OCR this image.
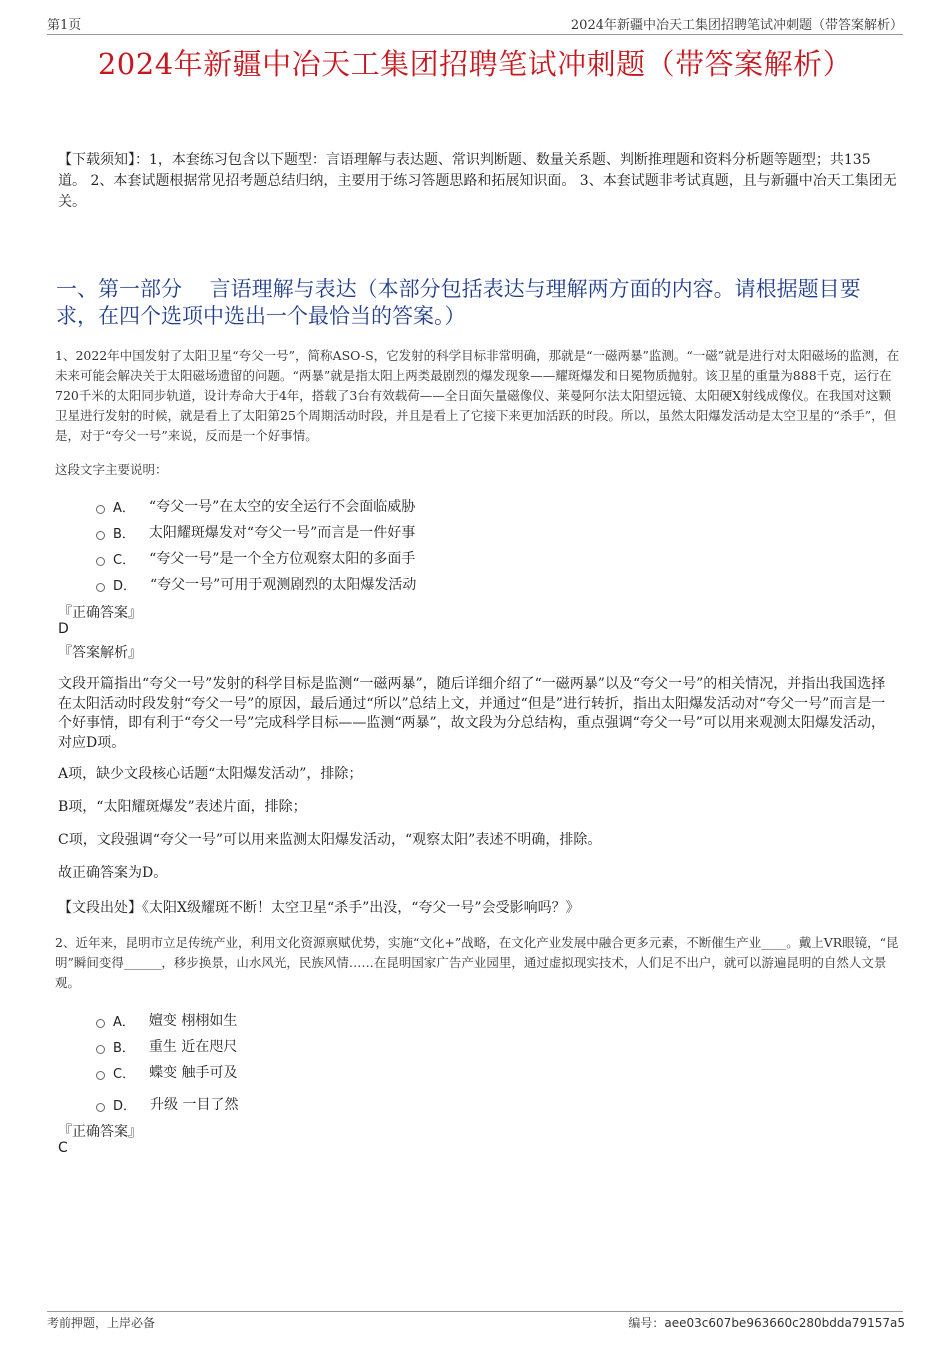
第1页	2024年新疆中冶天工集团招聘笔试冲刺题（带答案解析）
2024年新疆中冶天工集团招聘笔试冲刺题（带答案解析）
【下载须知】：1，本套练习包含以下题型：言语理解与表达题、常识判断题、数量关系题、判断推理题和资料分析题等题型；共135道。 2、本套试题根据常见招考题总结归纳，主要用于练习答题思路和拓展知识面。 3、本套试题非考试真题，且与新疆中冶天工集团无关。
一、第一部分　 言语理解与表达（本部分包括表达与理解两方面的内容。请根据题目要求，在四个选项中选出一个最恰当的答案。）
1、2022年中国发射了太阳卫星“夸父一号”，简称ASO-S，它发射的科学目标非常明确，那就是“一磁两暴”监测。“一磁”就是进行对太阳磁场的监测，在未来可能会解决关于太阳磁场遗留的问题。“两暴”就是指太阳上两类最剧烈的爆发现象——耀斑爆发和日冕物质抛射。该卫星的重量为888千克，运行在720千米的太阳同步轨道，设计寿命大于4年，搭载了3台有效载荷——全日面矢量磁像仪、莱曼阿尔法太阳望远镜、太阳硬X射线成像仪。在我国对这颗卫星进行发射的时候，就是看上了太阳第25个周期活动时段，并且是看上了它接下来更加活跃的时段。所以，虽然太阳爆发活动是太空卫星的“杀手”，但是，对于“夸父一号”来说，反而是一个好事情。
这段文字主要说明：
A． “夸父一号”在太空的安全运行不会面临威胁
B． 太阳耀斑爆发对“夸父一号”而言是一件好事
C． “夸父一号”是一个全方位观察太阳的多面手
D． “夸父一号”可用于观测剧烈的太阳爆发活动
『正确答案』
D
『答案解析』
文段开篇指出“夸父一号”发射的科学目标是监测“一磁两暴”，随后详细介绍了“一磁两暴”以及“夸父一号”的相关情况，并指出我国选择在太阳活动时段发射“夸父一号”的原因，最后通过“所以”总结上文，并通过“但是”进行转折，指出太阳爆发活动对“夸父一号”而言是一个好事情，即有利于“夸父一号”完成科学目标——监测“两暴”，故文段为分总结构，重点强调“夸父一号”可以用来观测太阳爆发活动，对应D项。
A项，缺少文段核心话题“太阳爆发活动”，排除；
B项，“太阳耀斑爆发”表述片面，排除；
C项，文段强调“夸父一号”可以用来监测太阳爆发活动，“观察太阳”表述不明确，排除。
故正确答案为D。
【文段出处】《太阳X级耀斑不断！太空卫星“杀手”出没，“夸父一号”会受影响吗？》
2、近年来，昆明市立足传统产业，利用文化资源禀赋优势，实施“文化+”战略，在文化产业发展中融合更多元素，不断催生产业____。戴上VR眼镜，“昆明”瞬间变得______，移步换景，山水风光，民族风情……在昆明国家广告产业园里，通过虚拟现实技术，人们足不出户，就可以游遍昆明的自然人文景观。
A． 嬗变 栩栩如生
B． 重生 近在咫尺
C． 蝶变 触手可及
D． 升级 一目了然
『正确答案』
C
考前押题，上岸必备	编号：aee03c607be963660c280bdda79157a5
